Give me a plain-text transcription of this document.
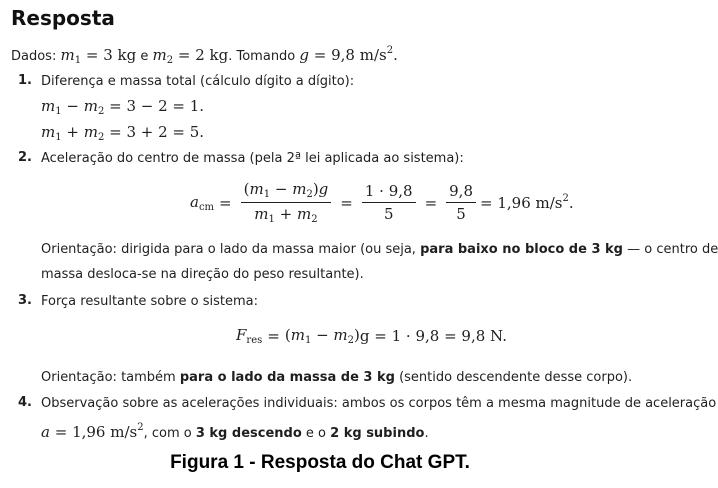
Resposta
Dados: $m_1 = 3$ kg e $m_2 = 2$ kg. Tomando g = 9,8 $m/s^2$.
1. Diferença e massa total (cálculo dígito a dígito):
$m_1 - m_2 = 3 - 2 = 1$.
$m_1 + m_2 = 3 + 2 = 5$.
2. Aceleração do centro de massa (pela 2ª lei aplicada ao sistema):
$a_{cm} = \frac{(m_1 - m_2)g}{m_1 + m_2} = \frac{1 \cdot 9,8}{5} = \frac{9,8}{5} = 1,96$ $m/s^2$.
Orientação: dirigida para o lado da massa maior (ou seja, para baixo no bloco de 3 kg — o centro de
massa desloca-se na direção do peso resultante).
3. Força resultante sobre o sistema:
$F_{res} = (m_1 - m_2) g = 1 \cdot 9,8 = 9,8$ N.
Orientação: também para o lado da massa de 3 kg (sentido descendente desse corpo).
4. Observação sobre as acelerações individuais: ambos os corpos têm a mesma magnitude de aceleração
a = 1,96 $m/s^2$, com o 3 kg descendo e o 2 kg subindo.
Figura 1 - Resposta do Chat GPT.
